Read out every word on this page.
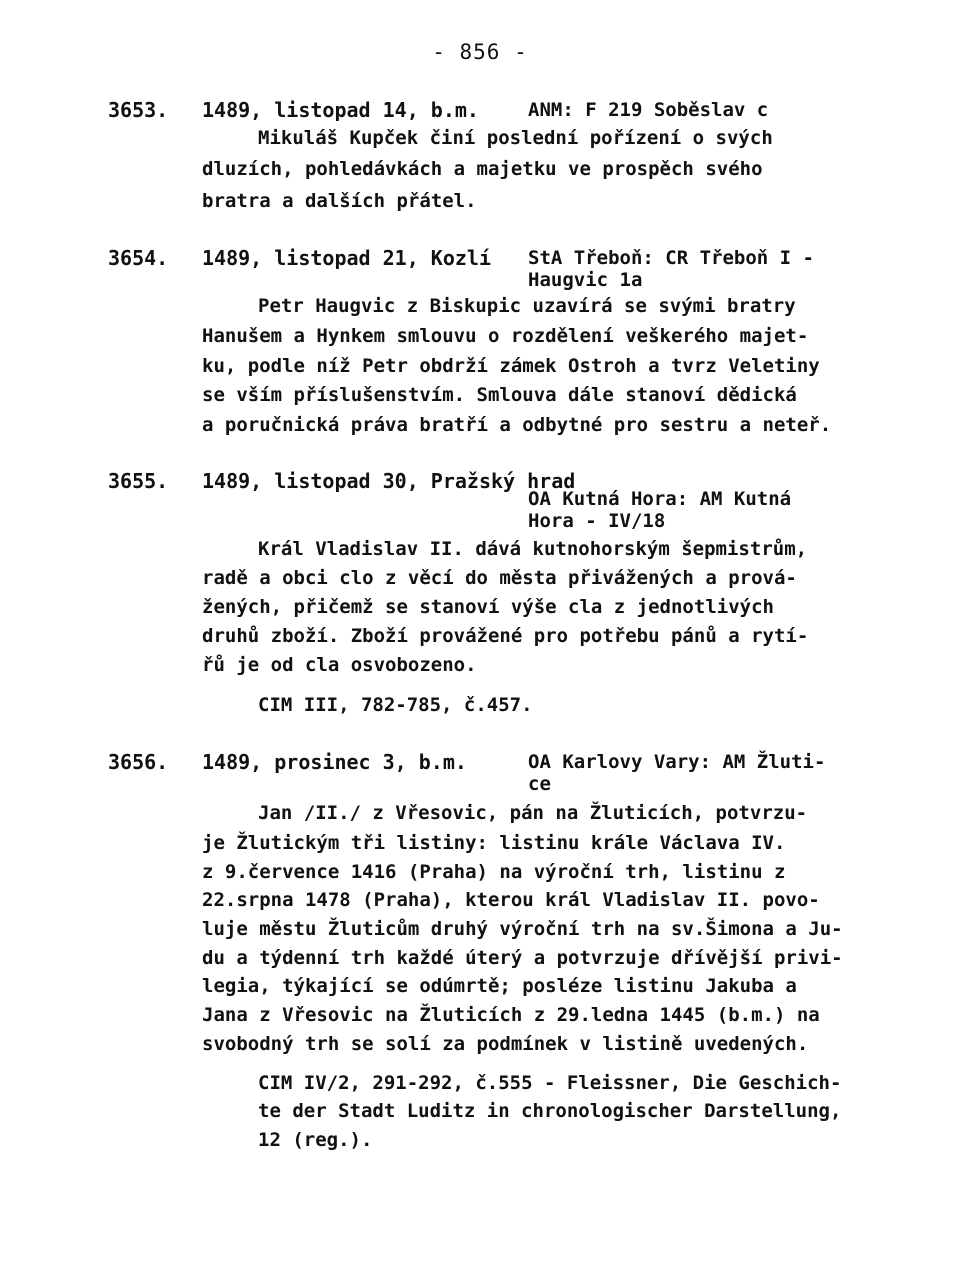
- 856 -
3653. 1489, listopad 14, b.m.	ANM: F 219 Soběslav c
Mikuláš Kupček činí poslední pořízení o svých
dluzích, pohledávkách a majetku ve prospěch svého
bratra a dalších přátel.
3654. 1489, listopad 21, Kozlí StA Třeboň: CR Třeboň I -
Haugvic 1a
Petr Haugvic z Biskupic uzavírá se svými bratry
Hanušem a Hynkem smlouvu o rozdělení veškerého majet-
ku, podle níž Petr obdrží zámek Ostroh a tvrz Veletiny
se vším příslušenstvím. Smlouva dále stanoví dědická
a poručnická práva bratří a odbytné pro sestru a neteř.
3655. 1489, listopad 30, Pražský hrad
OA Kutná Hora: AM Kutná
Hora - IV/18
Král Vladislav II. dává kutnohorským šepmistrům,
radě a obci clo z věcí do města přivážených a prová-
žených, přičemž se stanoví výše cla z jednotlivých
druhů zboží. Zboží provážené pro potřebu pánů a rytí-
řů je od cla osvobozeno.
CIM III, 782-785, č.457.
3656. 1489, prosinec 3, b.m.	OA Karlovy Vary: AM Žluti-
ce
Jan /II./ z Vřesovic, pán na Žluticích, potvrzu-
je Žlutickým tři listiny: listinu krále Václava IV.
z 9.července 1416 (Praha) na výroční trh, listinu z
22.srpna 1478 (Praha), kterou král Vladislav II. povo-
luje městu Žluticům druhý výroční trh na sv.Šimona a Ju-
du a týdenní trh každé úterý a potvrzuje dřívější privi-
legia, týkající se odúmrtě; posléze listinu Jakuba a
Jana z Vřesovic na Žluticích z 29.ledna 1445 (b.m.) na
svobodný trh se solí za podmínek v listině uvedených.
CIM IV/2, 291-292, č.555 - Fleissner, Die Geschich-
te der Stadt Luditz in chronologischer Darstellung,
12 (reg.).
